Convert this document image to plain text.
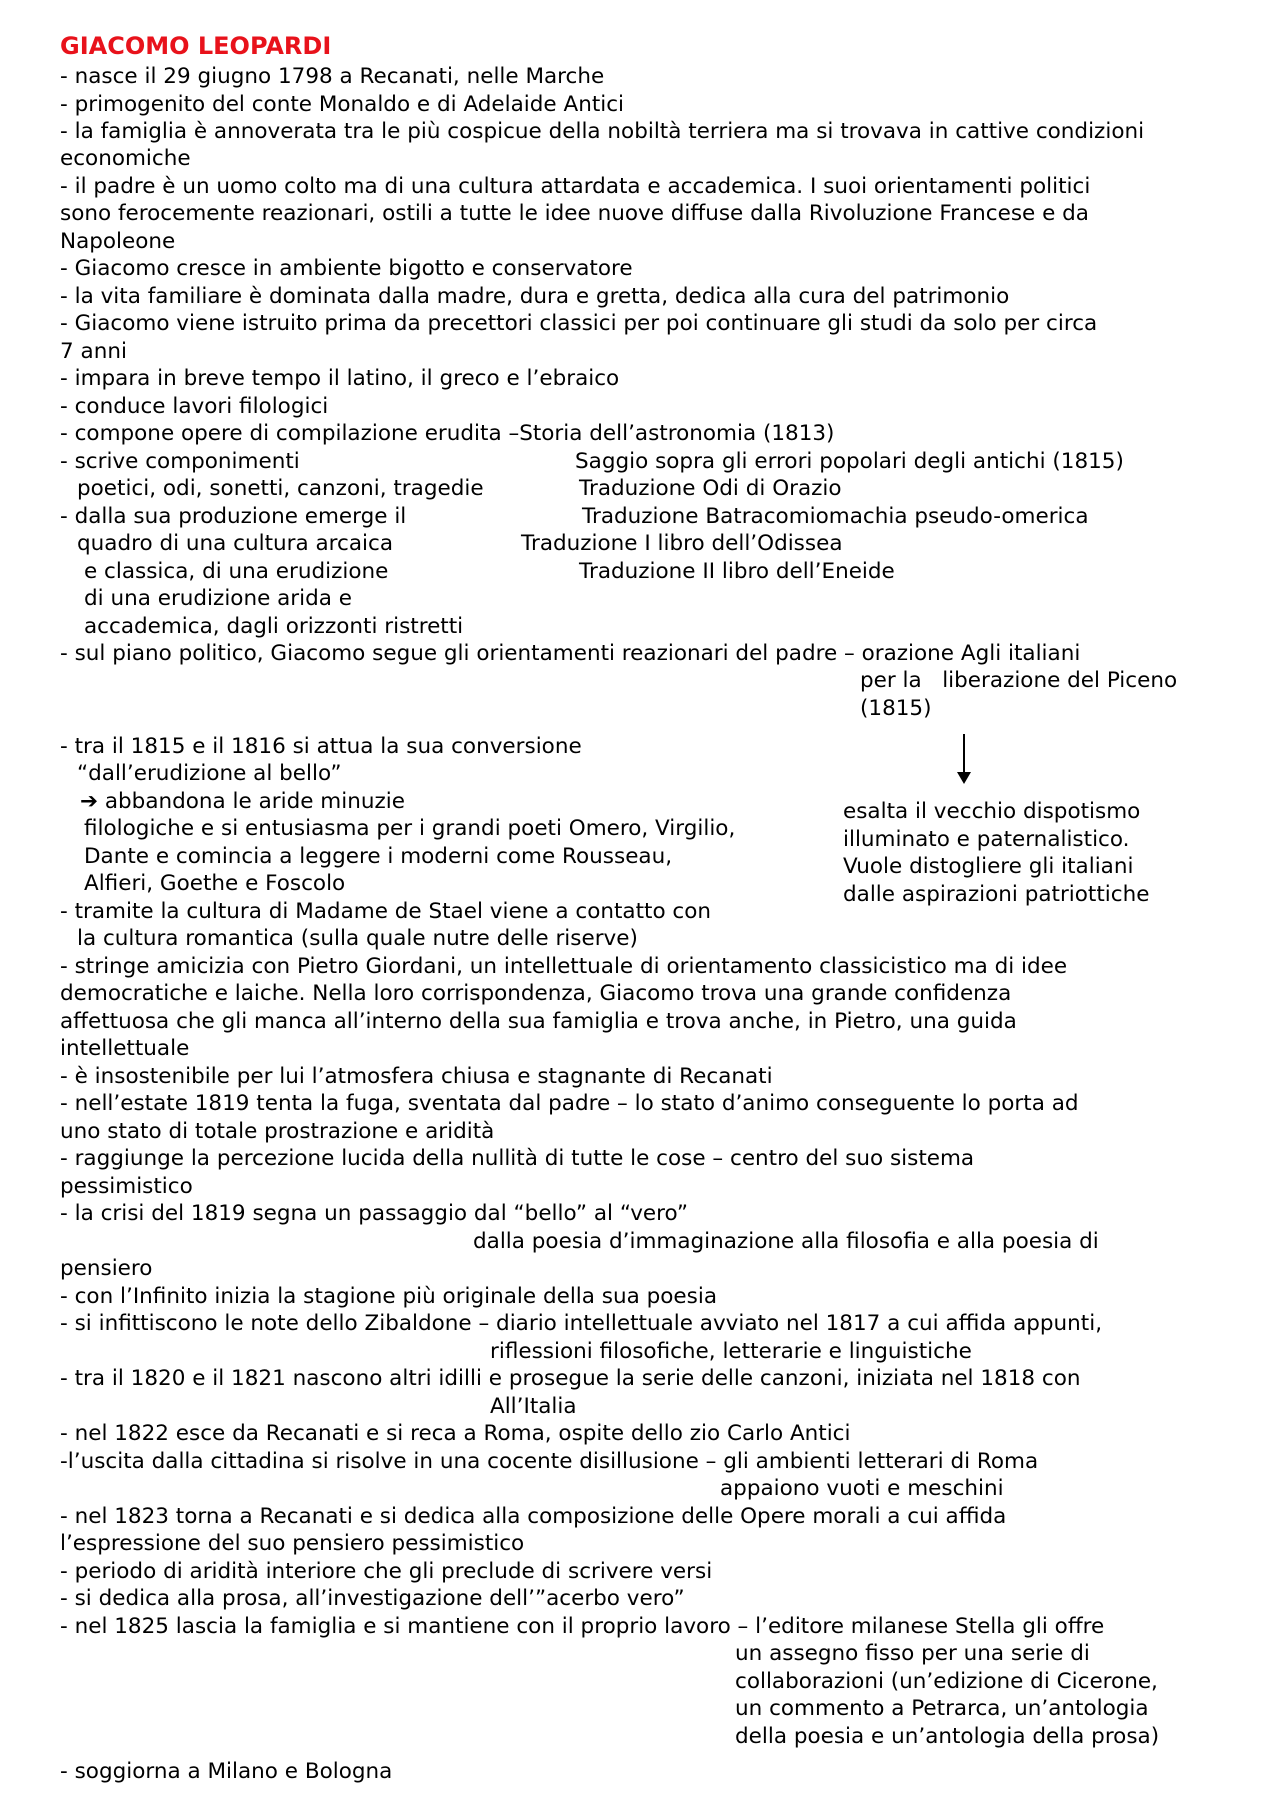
GIACOMO LEOPARDI
- nasce il 29 giugno 1798 a Recanati, nelle Marche
- primogenito del conte Monaldo e di Adelaide Antici
- la famiglia è annoverata tra le più cospicue della nobiltà terriera ma si trovava in cattive condizioni
economiche
- il padre è un uomo colto ma di una cultura attardata e accademica. I suoi orientamenti politici
sono ferocemente reazionari, ostili a tutte le idee nuove diffuse dalla Rivoluzione Francese e da
Napoleone
- Giacomo cresce in ambiente bigotto e conservatore
- la vita familiare è dominata dalla madre, dura e gretta, dedica alla cura del patrimonio
- Giacomo viene istruito prima da precettori classici per poi continuare gli studi da solo per circa
7 anni
- impara in breve tempo il latino, il greco e l’ebraico
- conduce lavori filologici
- compone opere di compilazione erudita –Storia dell’astronomia (1813)
- scrive componimenti	Saggio sopra gli errori popolari degli antichi (1815)
poetici, odi, sonetti, canzoni, tragedie	Traduzione Odi di Orazio
- dalla sua produzione emerge il	Traduzione Batracomiomachia pseudo-omerica
quadro di una cultura arcaica	Traduzione I libro dell’Odissea
e classica, di una erudizione	Traduzione II libro dell’Eneide
di una erudizione arida e
accademica, dagli orizzonti ristretti
- sul piano politico, Giacomo segue gli orientamenti reazionari del padre – orazione Agli italiani
per la   liberazione del Piceno
(1815)
- tra il 1815 e il 1816 si attua la sua conversione
“dall’erudizione al bello”
➔ abbandona le aride minuzie
filologiche e si entusiasma per i grandi poeti Omero, Virgilio,
Dante e comincia a leggere i moderni come Rousseau,
Alfieri, Goethe e Foscolo
esalta il vecchio dispotismo
illuminato e paternalistico.
Vuole distogliere gli italiani
dalle aspirazioni patriottiche
- tramite la cultura di Madame de Stael viene a contatto con
la cultura romantica (sulla quale nutre delle riserve)
- stringe amicizia con Pietro Giordani, un intellettuale di orientamento classicistico ma di idee
democratiche e laiche. Nella loro corrispondenza, Giacomo trova una grande confidenza
affettuosa che gli manca all’interno della sua famiglia e trova anche, in Pietro, una guida
intellettuale
- è insostenibile per lui l’atmosfera chiusa e stagnante di Recanati
- nell’estate 1819 tenta la fuga, sventata dal padre – lo stato d’animo conseguente lo porta ad
uno stato di totale prostrazione e aridità
- raggiunge la percezione lucida della nullità di tutte le cose – centro del suo sistema
pessimistico
- la crisi del 1819 segna un passaggio dal “bello” al “vero”
dalla poesia d’immaginazione alla filosofia e alla poesia di
pensiero
- con l’Infinito inizia la stagione più originale della sua poesia
- si infittiscono le note dello Zibaldone – diario intellettuale avviato nel 1817 a cui affida appunti,
riflessioni filosofiche, letterarie e linguistiche
- tra il 1820 e il 1821 nascono altri idilli e prosegue la serie delle canzoni, iniziata nel 1818 con
All’Italia
- nel 1822 esce da Recanati e si reca a Roma, ospite dello zio Carlo Antici
-l’uscita dalla cittadina si risolve in una cocente disillusione – gli ambienti letterari di Roma
appaiono vuoti e meschini
- nel 1823 torna a Recanati e si dedica alla composizione delle Opere morali a cui affida
l’espressione del suo pensiero pessimistico
- periodo di aridità interiore che gli preclude di scrivere versi
- si dedica alla prosa, all’investigazione dell’”acerbo vero”
- nel 1825 lascia la famiglia e si mantiene con il proprio lavoro – l’editore milanese Stella gli offre
un assegno fisso per una serie di
collaborazioni (un’edizione di Cicerone,
un commento a Petrarca, un’antologia
della poesia e un’antologia della prosa)
- soggiorna a Milano e Bologna
